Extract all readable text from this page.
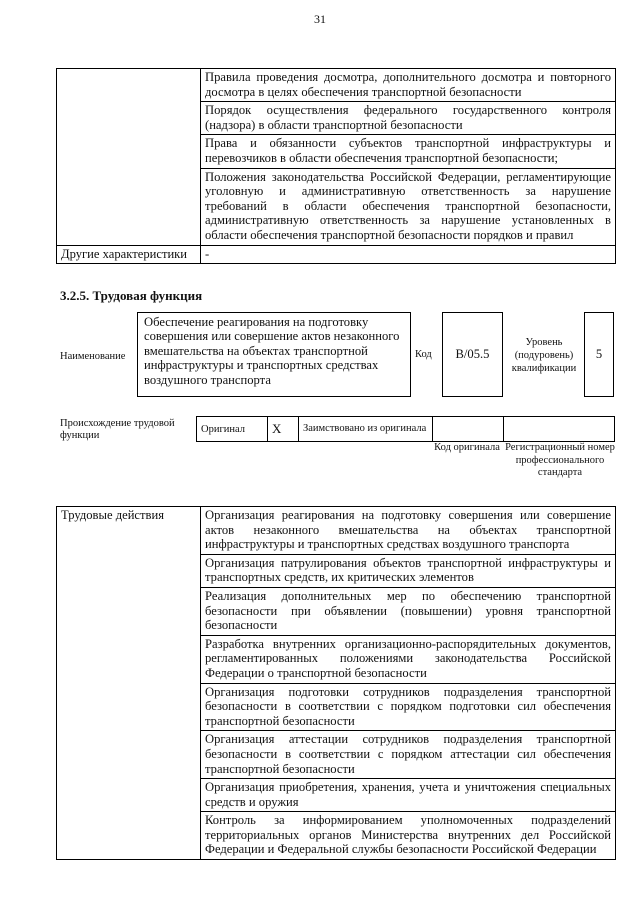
31
	Правила проведения досмотра, дополнительного досмотра и повторного досмотра в целях обеспечения транспортной безопасности
	Порядок осуществления федерального государственного контроля (надзора) в области транспортной безопасности
	Права и обязанности субъектов транспортной инфраструктуры и перевозчиков в области обеспечения транспортной безопасности;
	Положения законодательства Российской Федерации, регламентирующие уголовную и административную ответственность за нарушение требований в области обеспечения транспортной безопасности, административную ответственность за нарушение установленных в области обеспечения транспортной безопасности порядков и правил
Другие характеристики	-
3.2.5. Трудовая функция
Наименование
Обеспечение реагирования на подготовку совершения или совершение актов незаконного вмешательства на объектах транспортной инфраструктуры и транспортных средствах воздушного транспорта
Код	B/05.5
Уровень (подуровень) квалификации
5
Происхождение трудовой функции
Оригинал	X	Заимствовано из оригинала		
Код оригинала Регистрационный номер профессионального стандарта
Трудовые действия	Организация реагирования на подготовку совершения или совершение актов незаконного вмешательства на объектах транспортной инфраструктуры и транспортных средствах воздушного транспорта
Организация патрулирования объектов транспортной инфраструктуры и транспортных средств, их критических элементов
Реализация дополнительных мер по обеспечению транспортной безопасности при объявлении (повышении) уровня транспортной безопасности
Разработка внутренних организационно-распорядительных документов, регламентированных положениями законодательства Российской Федерации о транспортной безопасности
Организация подготовки сотрудников подразделения транспортной безопасности в соответствии с порядком подготовки сил обеспечения транспортной безопасности
Организация аттестации сотрудников подразделения транспортной безопасности в соответствии с порядком аттестации сил обеспечения транспортной безопасности
Организация приобретения, хранения, учета и уничтожения специальных средств и оружия
Контроль за информированием уполномоченных подразделений территориальных органов Министерства внутренних дел Российской Федерации и Федеральной службы безопасности Российской Федерации
